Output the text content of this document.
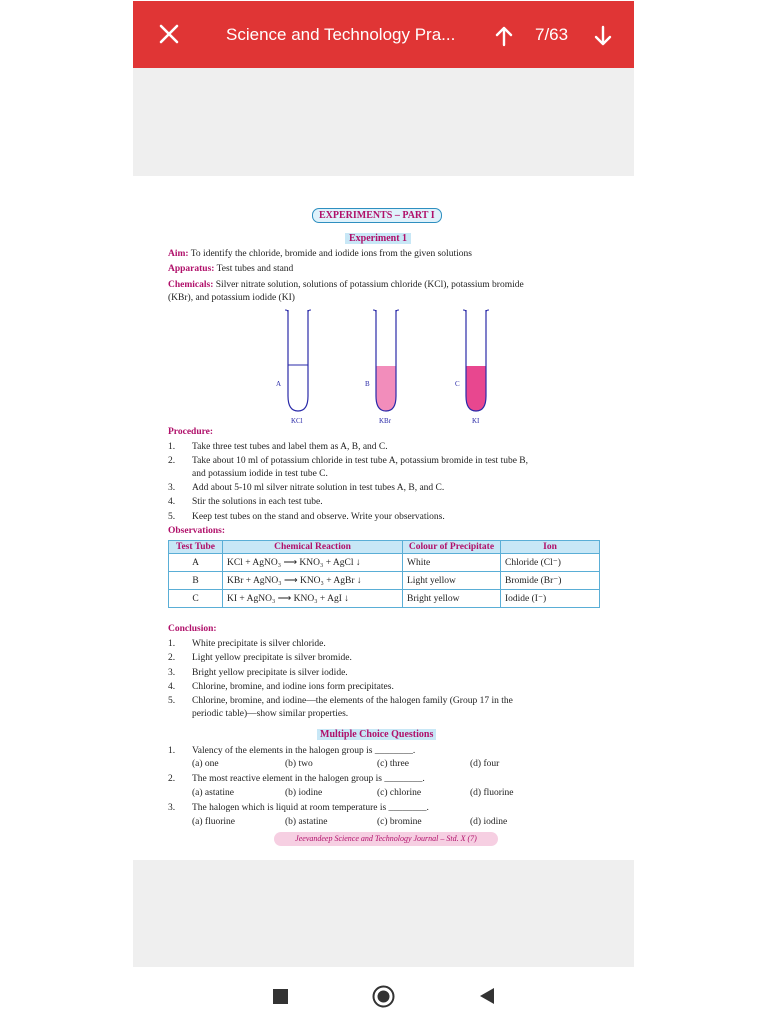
Science and Technology Pra...	7/63
EXPERIMENTS – PART I
Experiment 1
Aim: To identify the chloride, bromide and iodide ions from the given solutions
Apparatus: Test tubes and stand
Chemicals: Silver nitrate solution, solutions of potassium chloride (KCl), potassium bromide
(KBr), and potassium iodide (KI)
A	B	C
KCl	KBr	KI
Procedure:
1. Take three test tubes and label them as A, B, and C.
2. Take about 10 ml of potassium chloride in test tube A, potassium bromide in test tube B,
and potassium iodide in test tube C.
3. Add about 5-10 ml silver nitrate solution in test tubes A, B, and C.
4. Stir the solutions in each test tube.
5. Keep test tubes on the stand and observe. Write your observations.
Observations:
Test Tube	Chemical Reaction	Colour of Precipitate	Ion
A	KCl + AgNO₃ ⟶ KNO₃ + AgCl ↓	White	Chloride (Cl⁻)
B	KBr + AgNO₃ ⟶ KNO₃ + AgBr ↓	Light yellow	Bromide (Br⁻)
C	KI + AgNO₃ ⟶ KNO₃ + AgI ↓	Bright yellow	Iodide (I⁻)
Conclusion:
1. White precipitate is silver chloride.
2. Light yellow precipitate is silver bromide.
3. Bright yellow precipitate is silver iodide.
4. Chlorine, bromine, and iodine ions form precipitates.
5. Chlorine, bromine, and iodine—the elements of the halogen family (Group 17 in the
periodic table)—show similar properties.
Multiple Choice Questions
1. Valency of the elements in the halogen group is ________.
(a) one	(b) two	(c) three	(d) four
2. The most reactive element in the halogen group is ________.
(a) astatine	(b) iodine	(c) chlorine	(d) fluorine
3. The halogen which is liquid at room temperature is ________.
(a) fluorine	(b) astatine	(c) bromine	(d) iodine
Jeevandeep Science and Technology Journal – Std. X (7)
